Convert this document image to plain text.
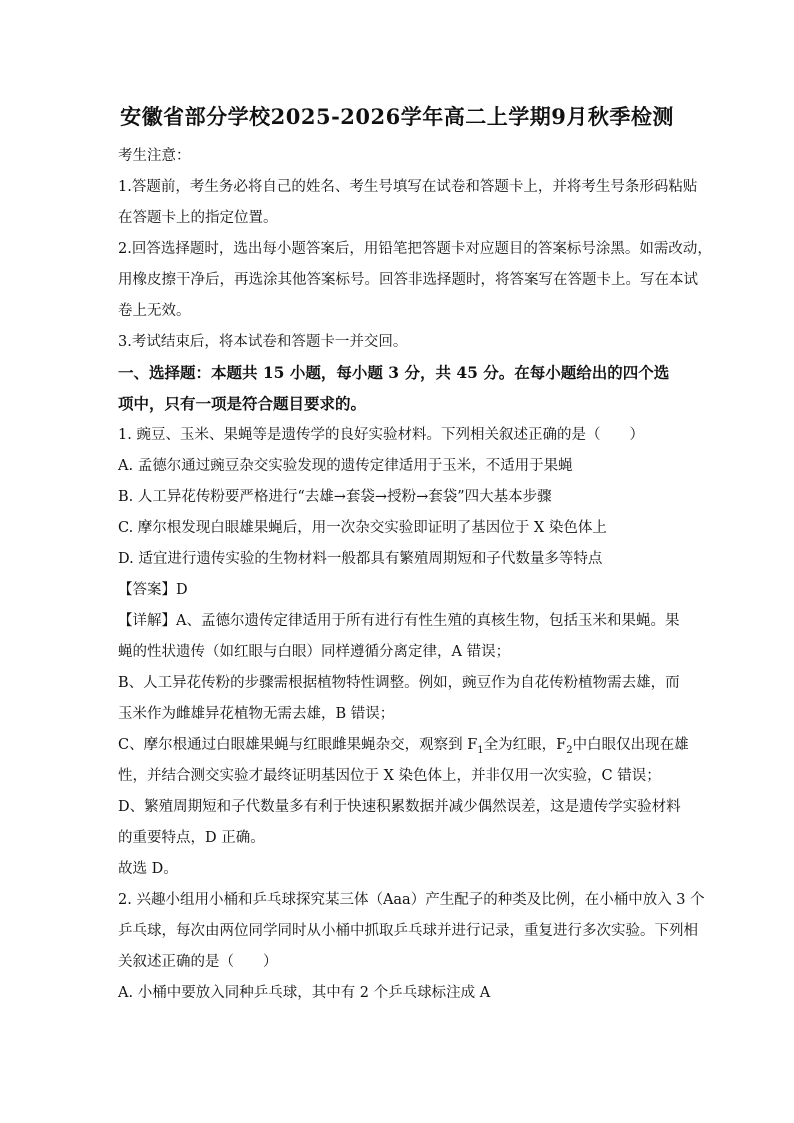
安徽省部分学校2025-2026学年高二上学期9月秋季检测
考生注意：
1.答题前，考生务必将自己的姓名、考生号填写在试卷和答题卡上，并将考生号条形码粘贴
在答题卡上的指定位置。
2.回答选择题时，选出每小题答案后，用铅笔把答题卡对应题目的答案标号涂黑。如需改动，
用橡皮擦干净后，再选涂其他答案标号。回答非选择题时，将答案写在答题卡上。写在本试
卷上无效。
3.考试结束后，将本试卷和答题卡一并交回。
一、选择题：本题共 15 小题，每小题 3 分，共 45 分。在每小题给出的四个选
项中，只有一项是符合题目要求的。
1. 豌豆、玉米、果蝇等是遗传学的良好实验材料。下列相关叙述正确的是（　　）
A. 孟德尔通过豌豆杂交实验发现的遗传定律适用于玉米，不适用于果蝇
B. 人工异花传粉要严格进行“去雄→套袋→授粉→套袋”四大基本步骤
C. 摩尔根发现白眼雄果蝇后，用一次杂交实验即证明了基因位于 X 染色体上
D. 适宜进行遗传实验的生物材料一般都具有繁殖周期短和子代数量多等特点
【答案】D
【详解】A、孟德尔遗传定律适用于所有进行有性生殖的真核生物，包括玉米和果蝇。果
蝇的性状遗传（如红眼与白眼）同样遵循分离定律，A 错误；
B、人工异花传粉的步骤需根据植物特性调整。例如，豌豆作为自花传粉植物需去雄，而
玉米作为雌雄异花植物无需去雄，B 错误；
C、摩尔根通过白眼雄果蝇与红眼雌果蝇杂交，观察到 $F_1$全为红眼，$F_2$中白眼仅出现在雄
性，并结合测交实验才最终证明基因位于 X 染色体上，并非仅用一次实验，C 错误；
D、繁殖周期短和子代数量多有利于快速积累数据并减少偶然误差，这是遗传学实验材料
的重要特点，D 正确。
故选 D。
2. 兴趣小组用小桶和乒乓球探究某三体（Aaa）产生配子的种类及比例，在小桶中放入 3 个
乒乓球，每次由两位同学同时从小桶中抓取乒乓球并进行记录，重复进行多次实验。下列相
关叙述正确的是（　　）
A. 小桶中要放入同种乒乓球，其中有 2 个乒乓球标注成 A
